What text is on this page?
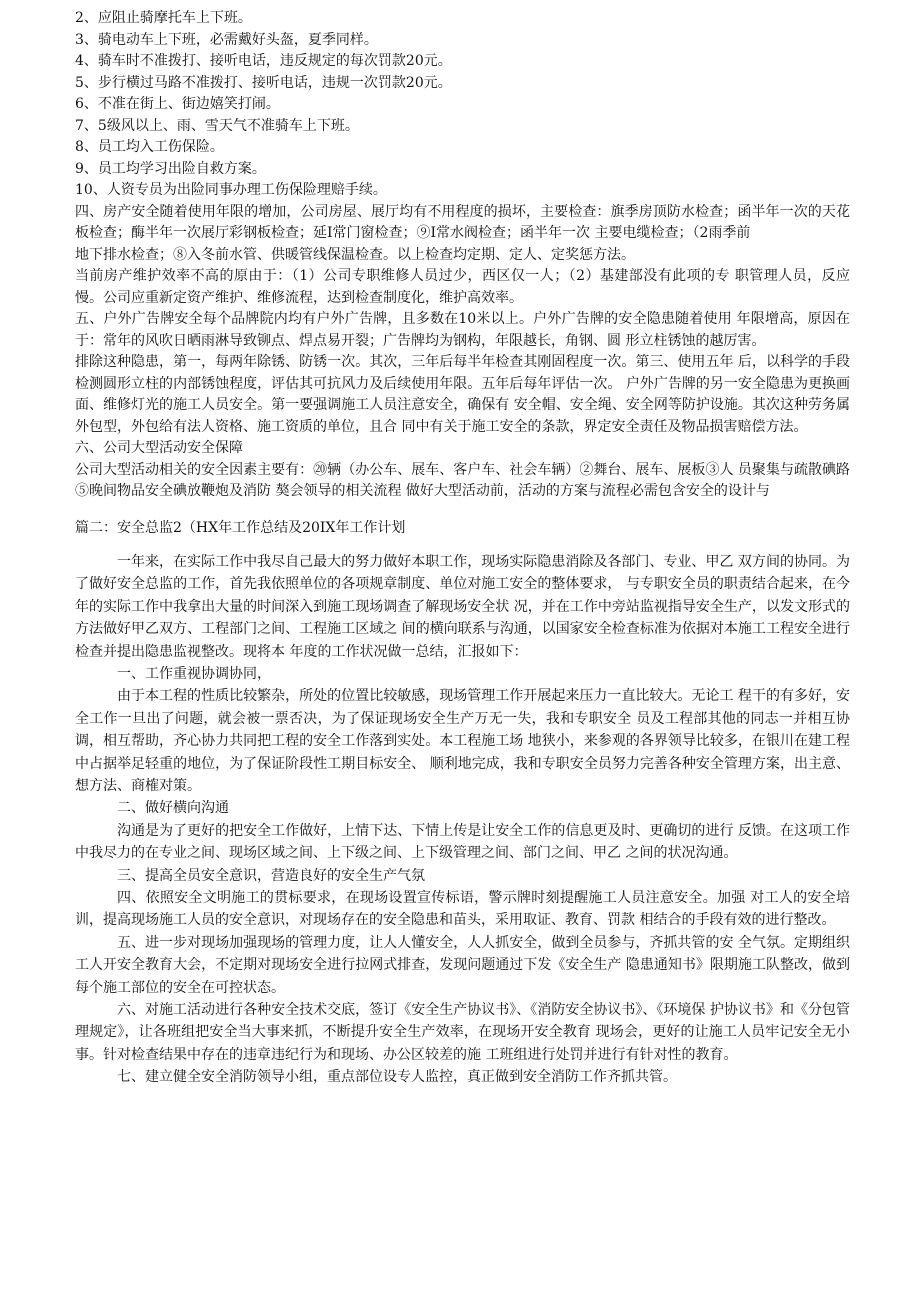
2、应阻止骑摩托车上下班。

3、骑电动车上下班，必需戴好头盔，夏季同样。

4、骑车时不准拨打、接听电话，违反规定的每次罚款20元。

5、步行横过马路不准拨打、接听电话，违规一次罚款20元。

6、不准在街上、街边嬉笑打闹。

7、5级风以上、雨、雪天气不准骑车上下班。

8、员工均入工伤保险。

9、员工均学习出险自救方案。

10、人资专员为出险同事办理工伤保险理赔手续。

四、房产安全随着使用年限的增加，公司房屋、展厅均有不用程度的损坏，主要检查：旗季房顶防水检查；函半年一次的天花板检查；酶半年一次展厅彩钢板检查；延I常门窗检查；⑨I常水阀检查；函半年一次 主要电缆检查；（2雨季前

地下排水检查；⑧入冬前水管、供暖管线保温检查。以上检查均定期、定人、定奖惩方法。

当前房产维护效率不高的原由于：（1）公司专职维修人员过少，西区仅一人；（2）基建部没有此项的专 职管理人员，反应慢。公司应重新定资产维护、维修流程，达到检查制度化，维护高效率。

五、户外广告牌安全每个品牌院内均有户外广告牌，且多数在10米以上。户外广告牌的安全隐患随着使用 年限增高，原因在于：常年的风吹日晒雨淋导致铆点、焊点易开裂；广告牌均为钢构，年限越长，角钢、圆 形立柱锈蚀的越厉害。

排除这种隐患，第一，每两年除锈、防锈一次。其次，三年后每半年检查其刚固程度一次。第三、使用五年 后，以科学的手段检测圆形立柱的内部锈蚀程度，评估其可抗风力及后续使用年限。五年后每年评估一次。 户外广告牌的另一安全隐患为更换画面、维修灯光的施工人员安全。第一要强调施工人员注意安全，确保有 安全帽、安全绳、安全网等防护设施。其次这种劳务属外包型，外包给有法人资格、施工资质的单位，且合 同中有关于施工安全的条款，界定安全责任及物品损害赔偿方法。

六、公司大型活动安全保障

公司大型活动相关的安全因素主要有：⑳辆（办公车、展车、客户车、社会车辆）②舞台、展车、展板③人 员聚集与疏散碘路⑤晚间物品安全碘放鞭炮及消防 獒会领导的相关流程 做好大型活动前，活动的方案与流程必需包含安全的设计与

篇二：安全总监2（HX年工作总结及20IX年工作计划

一年来，在实际工作中我尽自己最大的努力做好本职工作，现场实际隐患消除及各部门、专业、甲乙 双方间的协同。为了做好安全总监的工作，首先我依照单位的各项规章制度、单位对施工安全的整体要求， 与专职安全员的职责结合起来，在今年的实际工作中我拿出大量的时间深入到施工现场调查了解现场安全状 况，并在工作中旁站监视指导安全生产，以发文形式的方法做好甲乙双方、工程部门之间、工程施工区域之 间的横向联系与沟通，以国家安全检查标准为依据对本施工工程安全进行检查并提出隐患监视整改。现将本 年度的工作状况做一总结，汇报如下：

一、工作重视协调协同，

由于本工程的性质比较繁杂，所处的位置比较敏感，现场管理工作开展起来压力一直比较大。无论工 程干的有多好，安全工作一旦出了问题，就会被一票否决，为了保证现场安全生产万无一失，我和专职安全 员及工程部其他的同志一并相互协调，相互帮助，齐心协力共同把工程的安全工作落到实处。本工程施工场 地狭小，来参观的各界领导比较多，在银川在建工程中占据举足轻重的地位，为了保证阶段性工期目标安全、 顺利地完成，我和专职安全员努力完善各种安全管理方案，出主意、想方法、商榷对策。

二、做好横向沟通

沟通是为了更好的把安全工作做好，上情下达、下情上传是让安全工作的信息更及时、更确切的进行 反馈。在这项工作中我尽力的在专业之间、现场区域之间、上下级之间、上下级管理之间、部门之间、甲乙 之间的状况沟通。

三、提高全员安全意识，营造良好的安全生产气氛

四、依照安全文明施工的贯标要求，在现场设置宣传标语，警示牌时刻提醒施工人员注意安全。加强 对工人的安全培训，提高现场施工人员的安全意识，对现场存在的安全隐患和苗头，采用取证、教育、罚款 相结合的手段有效的进行整改。

五、进一步对现场加强现场的管理力度，让人人懂安全，人人抓安全，做到全员参与，齐抓共管的安 全气氛。定期组织工人开安全教育大会，不定期对现场安全进行拉网式排查，发现问题通过下发《安全生产 隐患通知书》限期施工队整改，做到每个施工部位的安全在可控状态。

六、对施工活动进行各种安全技术交底，签订《安全生产协议书》、《消防安全协议书》、《环境保 护协议书》和《分包管理规定》，让各班组把安全当大事来抓，不断提升安全生产效率，在现场开安全教育 现场会，更好的让施工人员牢记安全无小事。针对检查结果中存在的违章违纪行为和现场、办公区较差的施 工班组进行处罚并进行有针对性的教育。

七、建立健全安全消防领导小组，重点部位设专人监控，真正做到安全消防工作齐抓共管。
